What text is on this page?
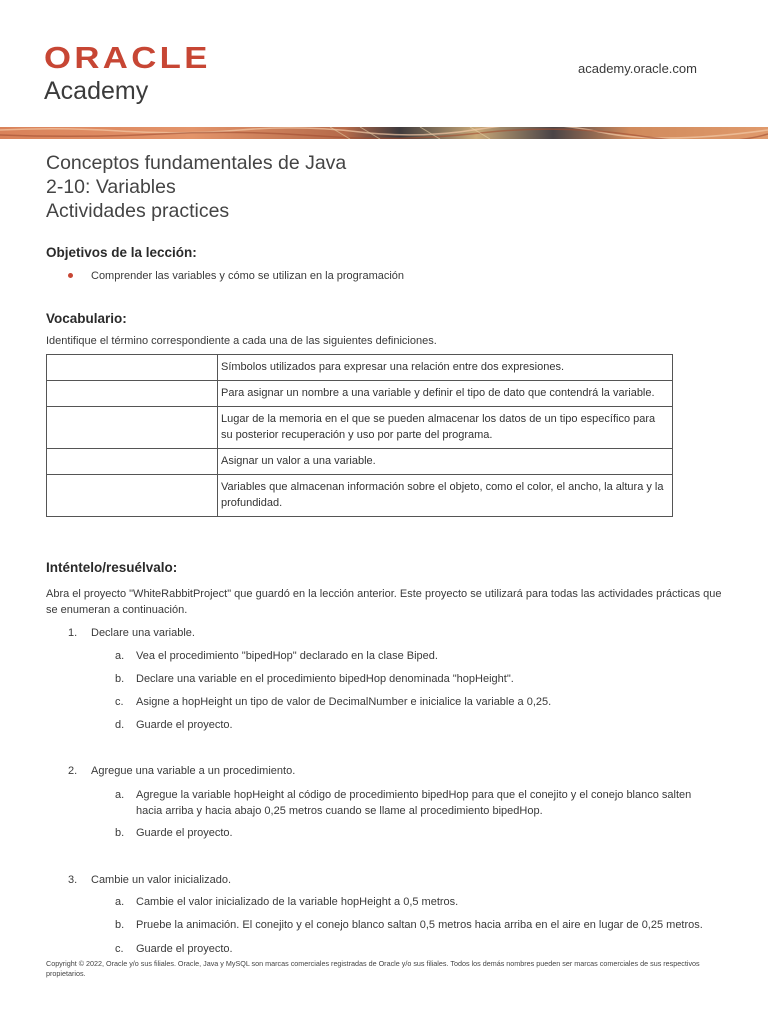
ORACLE
Academy
academy.oracle.com
Conceptos fundamentales de Java
2-10: Variables
Actividades practices
Objetivos de la lección:
Comprender las variables y cómo se utilizan en la programación
Vocabulario:
Identifique el término correspondiente a cada una de las siguientes definiciones.
	Símbolos utilizados para expresar una relación entre dos expresiones.
	Para asignar un nombre a una variable y definir el tipo de dato que contendrá la variable.
	Lugar de la memoria en el que se pueden almacenar los datos de un tipo específico para su posterior recuperación y uso por parte del programa.
	Asignar un valor a una variable.
	Variables que almacenan información sobre el objeto, como el color, el ancho, la altura y la profundidad.
Inténtelo/resuélvalo:
Abra el proyecto "WhiteRabbitProject" que guardó en la lección anterior. Este proyecto se utilizará para todas las actividades prácticas que se enumeran a continuación.
1. Declare una variable.
a. Vea el procedimiento "bipedHop" declarado en la clase Biped.
b. Declare una variable en el procedimiento bipedHop denominada "hopHeight".
c. Asigne a hopHeight un tipo de valor de DecimalNumber e inicialice la variable a 0,25.
d. Guarde el proyecto.
2. Agregue una variable a un procedimiento.
a. Agregue la variable hopHeight al código de procedimiento bipedHop para que el conejito y el conejo blanco salten hacia arriba y hacia abajo 0,25 metros cuando se llame al procedimiento bipedHop.
b. Guarde el proyecto.
3. Cambie un valor inicializado.
a. Cambie el valor inicializado de la variable hopHeight a 0,5 metros.
b. Pruebe la animación. El conejito y el conejo blanco saltan 0,5 metros hacia arriba en el aire en lugar de 0,25 metros.
c. Guarde el proyecto.
Copyright © 2022, Oracle y/o sus filiales. Oracle, Java y MySQL son marcas comerciales registradas de Oracle y/o sus filiales. Todos los demás nombres pueden ser marcas comerciales de sus respectivos propietarios.
